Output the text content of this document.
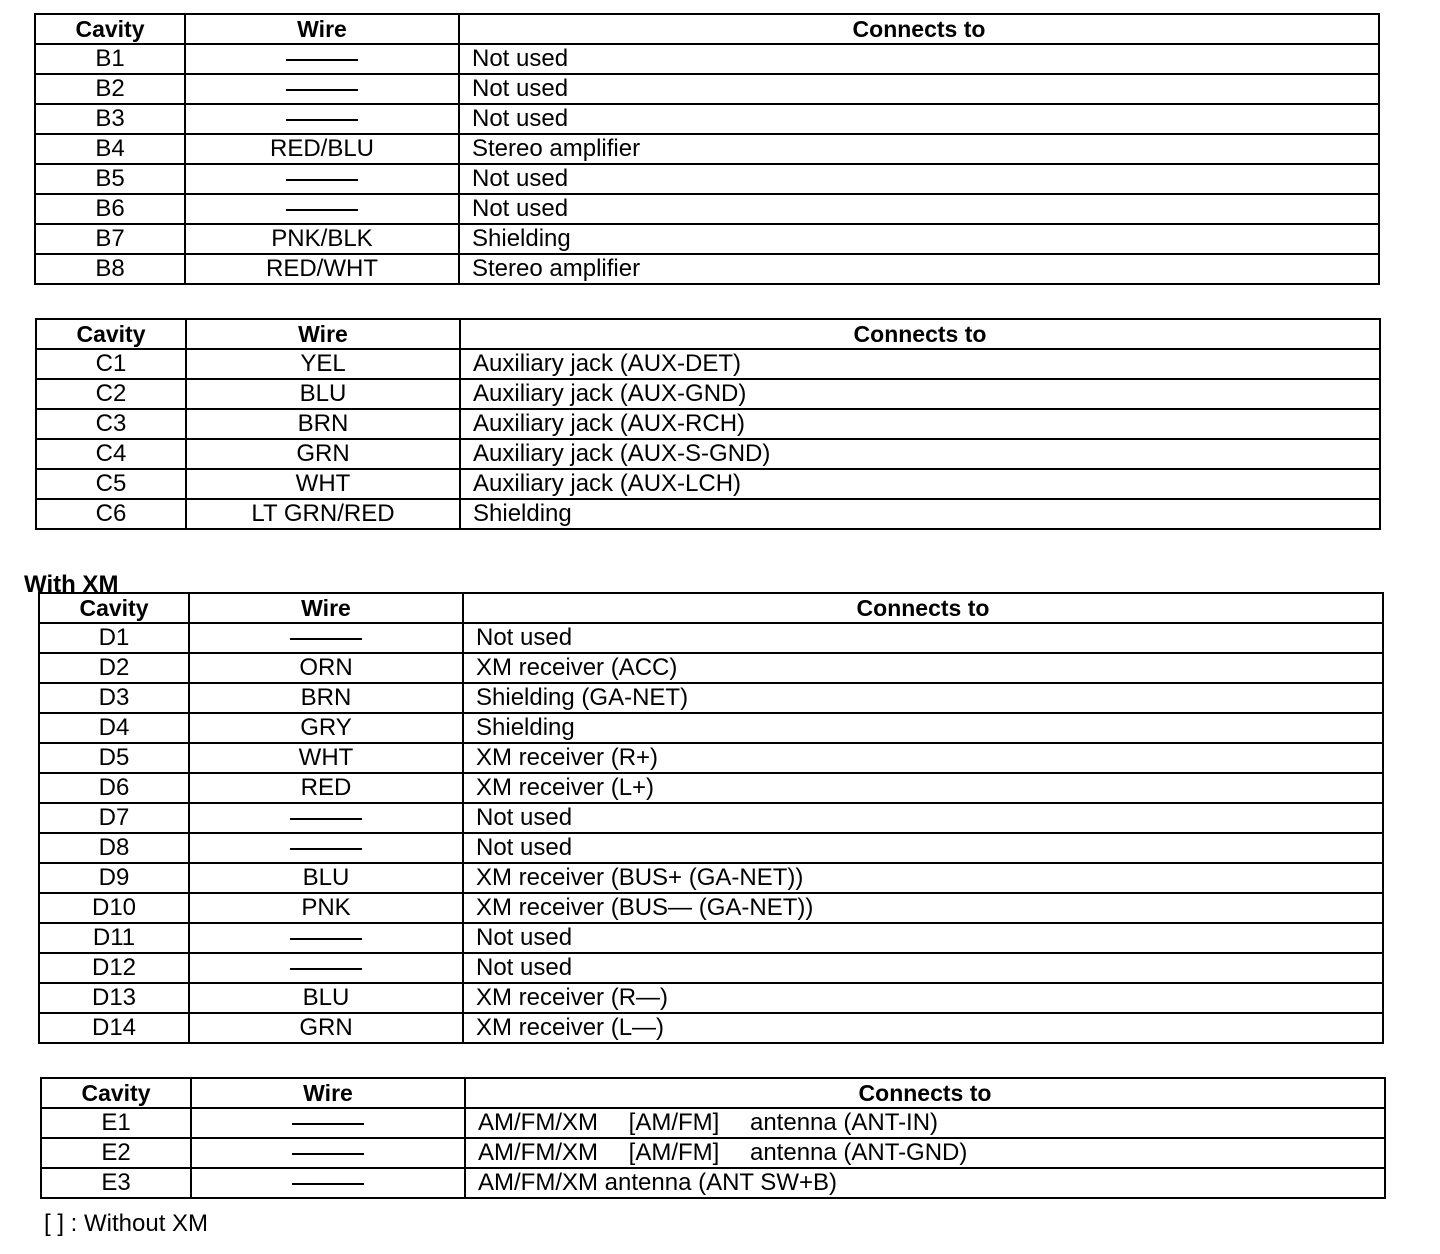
Cavity	Wire	Connects to
B1		Not used
B2		Not used
B3		Not used
B4	RED/BLU	Stereo amplifier
B5		Not used
B6		Not used
B7	PNK/BLK	Shielding
B8	RED/WHT	Stereo amplifier
Cavity	Wire	Connects to
C1	YEL	Auxiliary jack (AUX-DET)
C2	BLU	Auxiliary jack (AUX-GND)
C3	BRN	Auxiliary jack (AUX-RCH)
C4	GRN	Auxiliary jack (AUX-S-GND)
C5	WHT	Auxiliary jack (AUX-LCH)
C6	LT GRN/RED	Shielding

With XM

Cavity	Wire	Connects to
D1		Not used
D2	ORN	XM receiver (ACC)
D3	BRN	Shielding (GA-NET)
D4	GRY	Shielding
D5	WHT	XM receiver (R+)
D6	RED	XM receiver (L+)
D7		Not used
D8		Not used
D9	BLU	XM receiver (BUS+ (GA-NET))
D10	PNK	XM receiver (BUS— (GA-NET))
D11		Not used
D12		Not used
D13	BLU	XM receiver (R—)
D14	GRN	XM receiver (L—)
Cavity	Wire	Connects to
E1		AM/FM/XM 　[AM/FM]　 antenna (ANT-IN)
E2		AM/FM/XM 　[AM/FM]　 antenna (ANT-GND)
E3		AM/FM/XM antenna (ANT SW+B)

[ ] : Without XM
